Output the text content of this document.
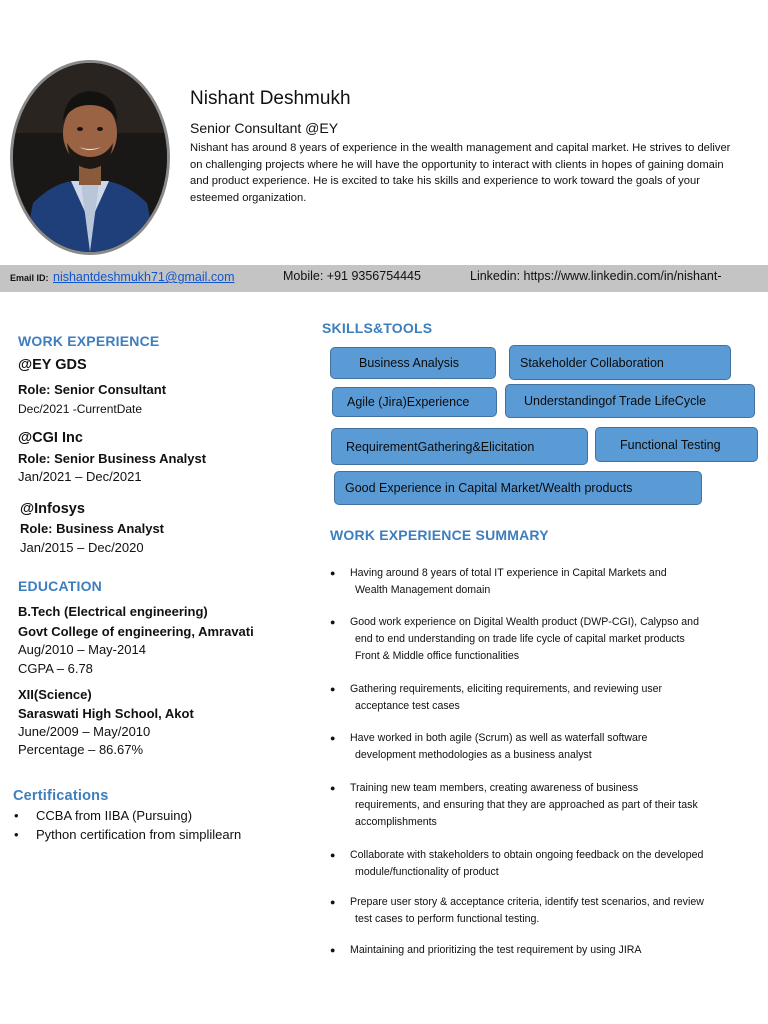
Nishant Deshmukh
Senior Consultant @EY
Nishant has around 8 years of experience in the wealth management and capital market. He strives to deliver on challenging projects where he will have the opportunity to interact with clients in hopes of gaining domain and product experience. He is excited to take his skills and experience to work toward the goals of your esteemed organization.
Email ID: nishantdeshmukh71@gmail.com	Mobile: +91 9356754445	Linkedin: https://www.linkedin.com/in/nishant-
WORK EXPERIENCE
@EY GDS
Role: Senior Consultant
Dec/2021 -CurrentDate
@CGI Inc
Role: Senior Business Analyst
Jan/2021 – Dec/2021
@Infosys
Role: Business Analyst
Jan/2015 – Dec/2020
EDUCATION
B.Tech (Electrical engineering)
Govt College of engineering, Amravati
Aug/2010 – May-2014
CGPA – 6.78
XII(Science)
Saraswati High School, Akot
June/2009 – May/2010
Percentage – 86.67%
Certifications
• CCBA from IIBA (Pursuing)
• Python certification from simplilearn
SKILLS&TOOLS
Business Analysis	Stakeholder Collaboration
Agile (Jira)Experience	Understandingof Trade LifeCycle
RequirementGathering&Elicitation	Functional Testing
Good Experience in Capital Market/Wealth products
WORK EXPERIENCE SUMMARY
● Having around 8 years of total IT experience in Capital Markets and
Wealth Management domain
● Good work experience on Digital Wealth product (DWP-CGI), Calypso and
end to end understanding on trade life cycle of capital market products
Front & Middle office functionalities
● Gathering requirements, eliciting requirements, and reviewing user
acceptance test cases
● Have worked in both agile (Scrum) as well as waterfall software
development methodologies as a business analyst
● Training new team members, creating awareness of business
requirements, and ensuring that they are approached as part of their task
accomplishments
● Collaborate with stakeholders to obtain ongoing feedback on the developed
module/functionality of product
● Prepare user story & acceptance criteria, identify test scenarios, and review
test cases to perform functional testing.
● Maintaining and prioritizing the test requirement by using JIRA
